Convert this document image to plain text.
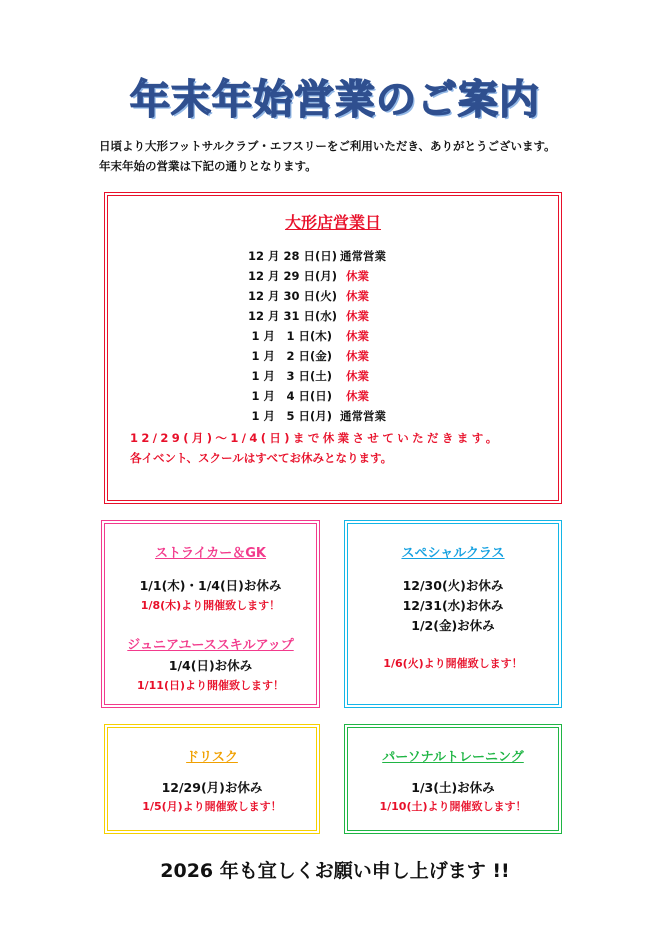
年末年始営業のご案内
日頃より大形フットサルクラブ・エフスリーをご利用いただき、ありがとうございます。
年末年始の営業は下記の通りとなります。
大形店営業日
12 月 28 日(日) 通常営業
12 月 29 日(月) 休業
12 月 30 日(火) 休業
12 月 31 日(水) 休業
1 月　1 日(木) 休業
1 月　2 日(金) 休業
1 月　3 日(土) 休業
1 月　4 日(日) 休業
1 月　5 日(月) 通常営業
12/29(月)～1/4(日)まで休業させていただきます。
各イベント、スクールはすべてお休みとなります。
ストライカー＆GK
1/1(木)・1/4(日)お休み
1/8(木)より開催致します！
ジュニアユーススキルアップ
1/4(日)お休み
1/11(日)より開催致します！
スペシャルクラス
12/30(火)お休み
12/31(水)お休み
1/2(金)お休み
1/6(火)より開催致します！
ドリスク
12/29(月)お休み
1/5(月)より開催致します！
パーソナルトレーニング
1/3(土)お休み
1/10(土)より開催致します！
2026 年も宜しくお願い申し上げます !!
